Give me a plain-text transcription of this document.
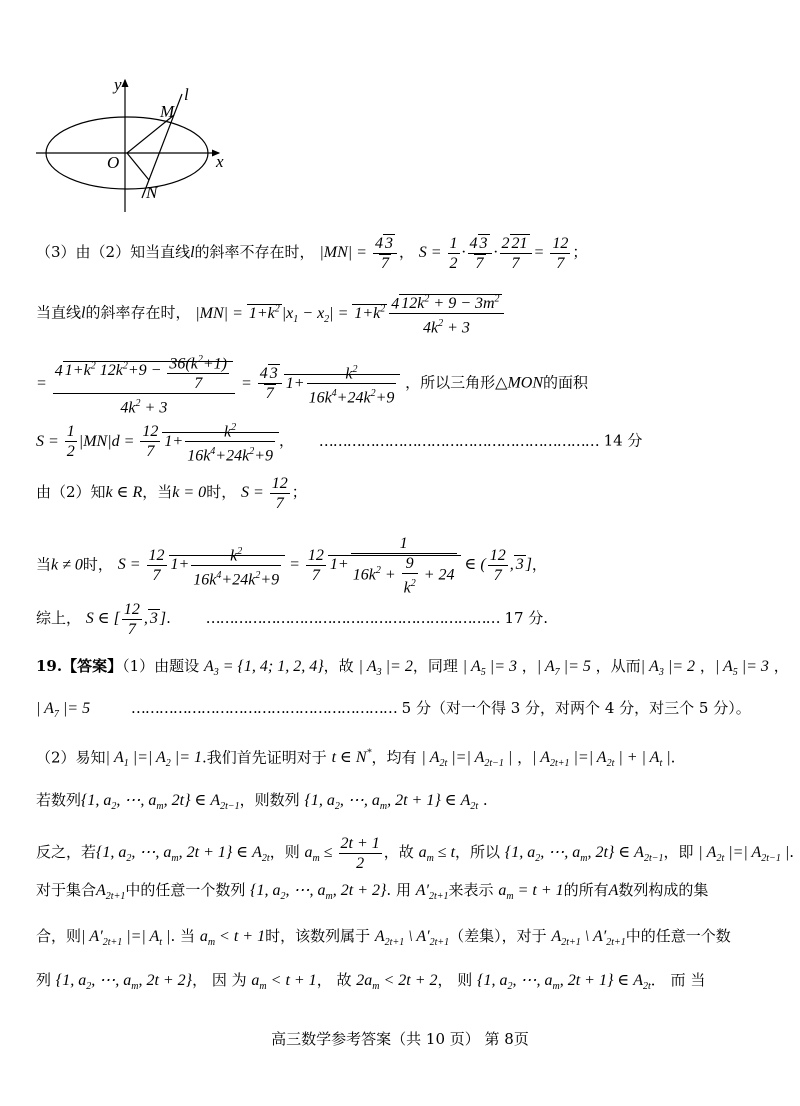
y
x
O
M
l
N
（3）由（2）知当直线l的斜率不存在时， $|MN| = \frac{4 3}{7}$ ， $S = \frac{1}{2} \cdot \frac{4 3}{7} \cdot \frac{2 21}{7} = \frac{12}{7}$ ；
当直线l的斜率存在时， $|MN| = 1+k^2$ $|x_1 - x_2| = 1+k^2 \frac{4 12k^2 + 9 - 3m^2}{4k^2 + 3}$
= $\frac{4 1+k^2 12k^2+9 - \frac{36(k^2+1)}{7}}{4k^2 + 3} = \frac{4 3}{7} 1+ \frac{k^2}{16k^4+24k^2+9}$ ，所以三角形△MON的面积
$S = \frac{1}{2} |MN|d = \frac{12}{7} 1+ \frac{k^2}{16k^4+24k^2+9}$ ， …………………………………………………… 14 分
由（2）知k ∈ R，当k = 0时， $S = \frac{12}{7}$ ；
当k ≠ 0时， $S = \frac{12}{7} 1+ \frac{k^2}{16k^4+24k^2+9} = \frac{12}{7} 1+ \frac{1}{16k^2 + \frac{9}{k^2} + 24}$ ∈ ( $\frac{12}{7}$ , 3 ]，
综上， S ∈ [ $\frac{12}{7}$ , 3 ]. ……………………………………………………… 17 分.
19.【答案】（1）由题设 $A_3 = \{1$, 4; 1, 2, 4}，故 | $A_3$ |= 2，同理 | $A_5$ |= 3 ，| $A_7$ |= 5 ，从而| $A_3$ |= 2 ，| $A_5$ |= 3 ，
| $A_7$ |= 5	………………………………………………… 5 分（对一个得 3 分，对两个 4 分，对三个 5 分）。
（2）易知| $A_1$ |=| $A_2$ |= 1.我们首先证明对于 t ∈ N*，均有 | $A_{2t}$ |=| $A_{2t-1}$ | ，| $A_{2t+1}$ |=| $A_{2t}$ | + | $A_t$ |.
若数列{1, $a_2$, ⋯, $a_m$, 2t} ∈ $A_{2t-1}$，则数列 {1, $a_2$, ⋯, $a_m$, 2t + 1} ∈ $A_{2t}$ .
反之，若{1, $a_2$, ⋯, $a_m$, 2t + 1} ∈ $A_{2t}$，则 $a_m \le \frac{2t + 1}{2}$ ，故 $a_m \le t$，所以 {1, $a_2$, ⋯, $a_m$, 2t} ∈ $A_{2t-1}$，即 | $A_{2t}$ |=| $A_{2t-1}$ |.
对于集合$A_{2t+1}$中的任意一个数列 {1, $a_2$, ⋯, $a_m$, 2t + 2}. 用 $A'_{2t+1}$来表示 $a_m = t + 1$的所有A数列构成的集
合，则| $A'_{2t+1}$ |=| $A_t$ |. 当 $a_m < t + 1$时，该数列属于 $A_{2t+1}$ \ $A'_{2t+1}$（差集），对于 $A_{2t+1}$ \ $A'_{2t+1}$中的任意一个数
列 {1, $a_2$, ⋯, $a_m$, 2t + 2}， 因 为 $a_m < t + 1$， 故 $2a_m < 2t + 2$， 则 {1, $a_2$, ⋯, $a_m$, 2t + 1} ∈ $A_{2t}$． 而 当
高三数学参考答案（共 10 页） 第 8页
